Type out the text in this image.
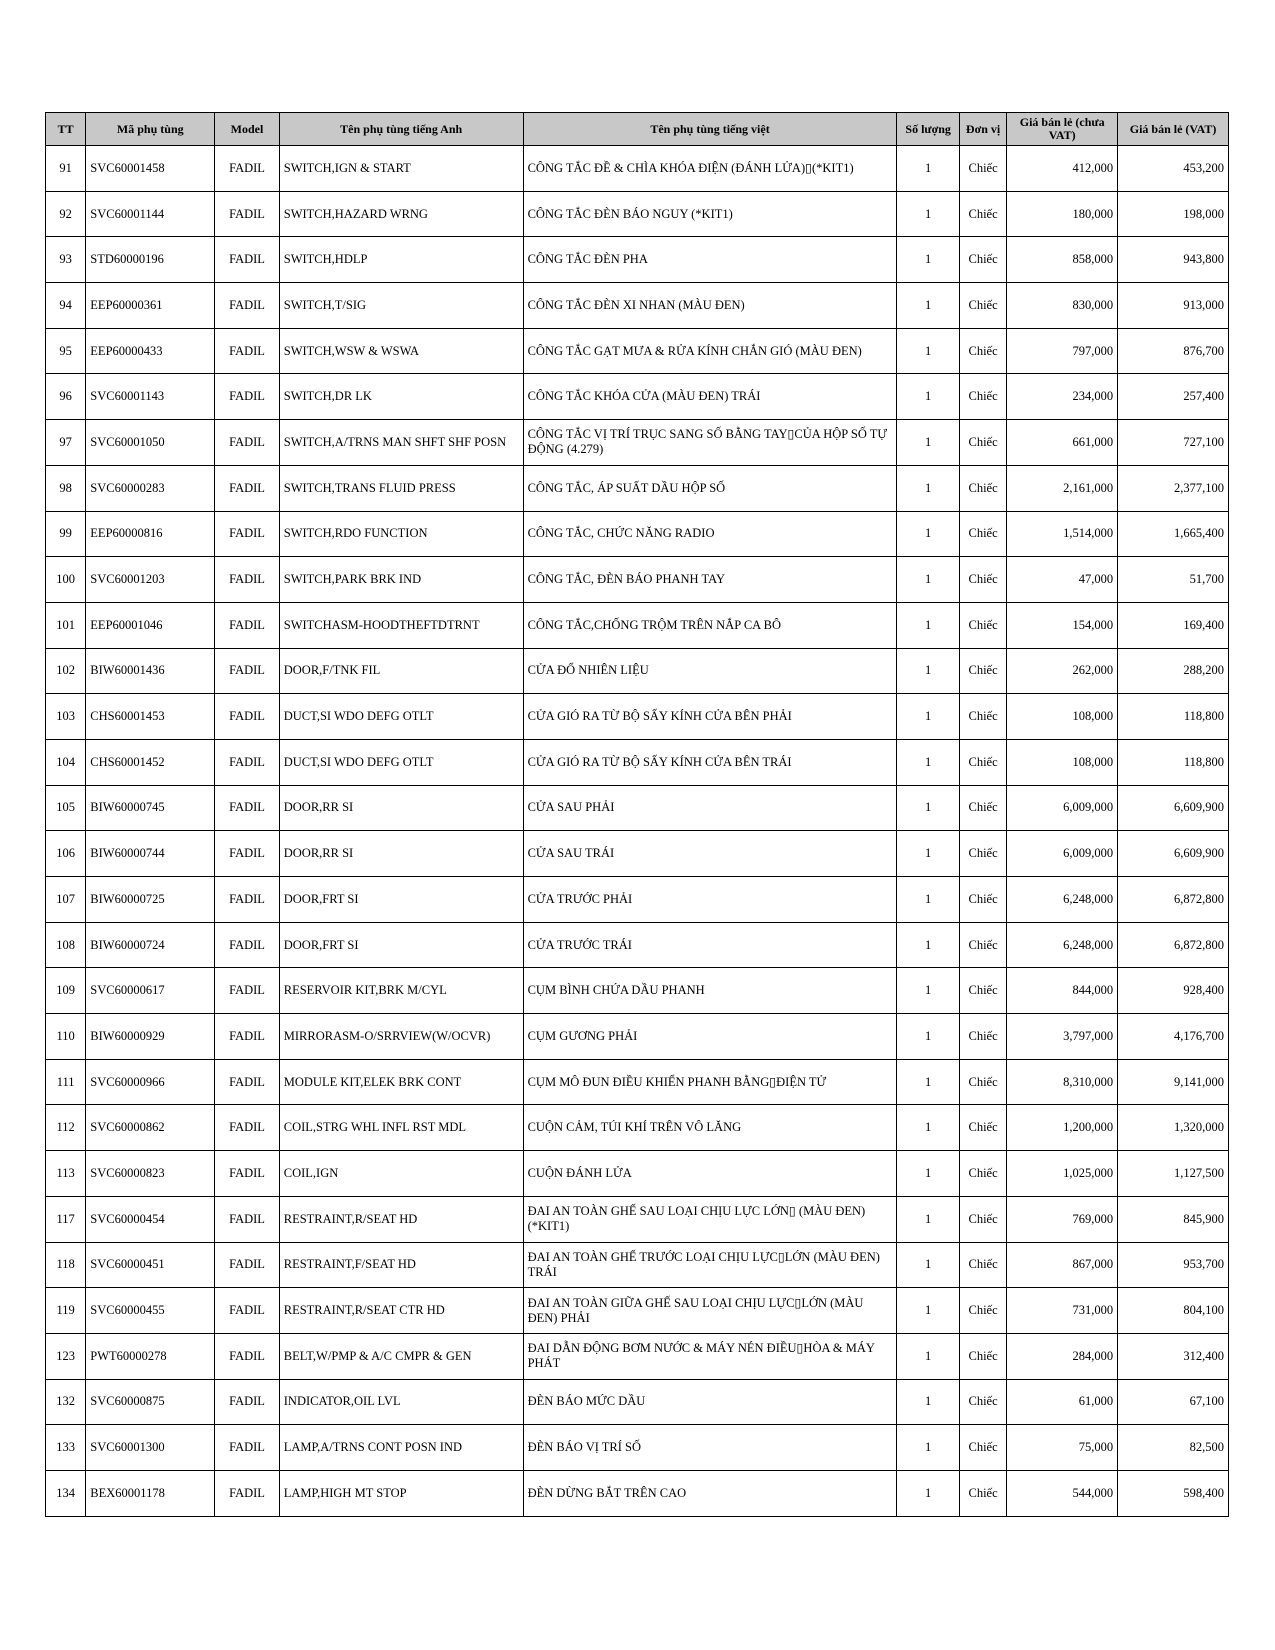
TT	Mã phụ tùng	Model	Tên phụ tùng tiếng Anh	Tên phụ tùng tiếng việt	Số lượng	Đơn vị	Giá bán lẻ (chưa VAT)	Giá bán lẻ (VAT)
91	SVC60001458	FADIL	SWITCH,IGN & START	CÔNG TẮC ĐỀ & CHÌA KHÓA ĐIỆN (ĐÁNH LỬA)▯(*KIT1)	1	Chiếc	412,000	453,200
92	SVC60001144	FADIL	SWITCH,HAZARD WRNG	CÔNG TẮC ĐÈN BÁO NGUY (*KIT1)	1	Chiếc	180,000	198,000
93	STD60000196	FADIL	SWITCH,HDLP	CÔNG TẮC ĐÈN PHA	1	Chiếc	858,000	943,800
94	EEP60000361	FADIL	SWITCH,T/SIG	CÔNG TẮC ĐÈN XI NHAN (MÀU ĐEN)	1	Chiếc	830,000	913,000
95	EEP60000433	FADIL	SWITCH,WSW & WSWA	CÔNG TẮC GẠT MƯA & RỬA KÍNH CHẮN GIÓ (MÀU ĐEN)	1	Chiếc	797,000	876,700
96	SVC60001143	FADIL	SWITCH,DR LK	CÔNG TẮC KHÓA CỬA (MÀU ĐEN) TRÁI	1	Chiếc	234,000	257,400
97	SVC60001050	FADIL	SWITCH,A/TRNS MAN SHFT SHF POSN	CÔNG TẮC VỊ TRÍ TRỤC SANG SỐ BẰNG TAY▯CỦA HỘP SỐ TỰ ĐỘNG (4.279)	1	Chiếc	661,000	727,100
98	SVC60000283	FADIL	SWITCH,TRANS FLUID PRESS	CÔNG TẮC, ÁP SUẤT DẦU HỘP SỐ	1	Chiếc	2,161,000	2,377,100
99	EEP60000816	FADIL	SWITCH,RDO FUNCTION	CÔNG TẮC, CHỨC NĂNG RADIO	1	Chiếc	1,514,000	1,665,400
100	SVC60001203	FADIL	SWITCH,PARK BRK IND	CÔNG TẮC, ĐÈN BÁO PHANH TAY	1	Chiếc	47,000	51,700
101	EEP60001046	FADIL	SWITCHASM-HOODTHEFTDTRNT	CÔNG TẮC,CHỐNG TRỘM TRÊN NẮP CA BÔ	1	Chiếc	154,000	169,400
102	BIW60001436	FADIL	DOOR,F/TNK FIL	CỬA ĐỔ NHIÊN LIỆU	1	Chiếc	262,000	288,200
103	CHS60001453	FADIL	DUCT,SI WDO DEFG OTLT	CỬA GIÓ RA TỪ BỘ SẤY KÍNH CỬA BÊN PHẢI	1	Chiếc	108,000	118,800
104	CHS60001452	FADIL	DUCT,SI WDO DEFG OTLT	CỬA GIÓ RA TỪ BỘ SẤY KÍNH CỬA BÊN TRÁI	1	Chiếc	108,000	118,800
105	BIW60000745	FADIL	DOOR,RR SI	CỬA SAU PHẢI	1	Chiếc	6,009,000	6,609,900
106	BIW60000744	FADIL	DOOR,RR SI	CỬA SAU TRÁI	1	Chiếc	6,009,000	6,609,900
107	BIW60000725	FADIL	DOOR,FRT SI	CỬA TRƯỚC PHẢI	1	Chiếc	6,248,000	6,872,800
108	BIW60000724	FADIL	DOOR,FRT SI	CỬA TRƯỚC TRÁI	1	Chiếc	6,248,000	6,872,800
109	SVC60000617	FADIL	RESERVOIR KIT,BRK M/CYL	CỤM BÌNH CHỨA DẦU PHANH	1	Chiếc	844,000	928,400
110	BIW60000929	FADIL	MIRRORASM-O/SRRVIEW(W/OCVR)	CỤM GƯƠNG PHẢI	1	Chiếc	3,797,000	4,176,700
111	SVC60000966	FADIL	MODULE KIT,ELEK BRK CONT	CỤM MÔ ĐUN ĐIỀU KHIỂN PHANH BẰNG▯ĐIỆN TỬ	1	Chiếc	8,310,000	9,141,000
112	SVC60000862	FADIL	COIL,STRG WHL INFL RST MDL	CUỘN CẢM, TÚI KHÍ TRÊN VÔ LĂNG	1	Chiếc	1,200,000	1,320,000
113	SVC60000823	FADIL	COIL,IGN	CUỘN ĐÁNH LỬA	1	Chiếc	1,025,000	1,127,500
117	SVC60000454	FADIL	RESTRAINT,R/SEAT HD	ĐAI AN TOÀN GHẾ SAU LOẠI CHỊU LỰC LỚN▯ (MÀU ĐEN) (*KIT1)	1	Chiếc	769,000	845,900
118	SVC60000451	FADIL	RESTRAINT,F/SEAT HD	ĐAI AN TOÀN GHẾ TRƯỚC LOẠI CHỊU LỰC▯LỚN (MÀU ĐEN) TRÁI	1	Chiếc	867,000	953,700
119	SVC60000455	FADIL	RESTRAINT,R/SEAT CTR HD	ĐAI AN TOÀN GIỮA GHẾ SAU LOẠI CHỊU LỰC▯LỚN (MÀU ĐEN) PHẢI	1	Chiếc	731,000	804,100
123	PWT60000278	FADIL	BELT,W/PMP & A/C CMPR & GEN	ĐAI DẪN ĐỘNG BƠM NƯỚC & MÁY NÉN ĐIỀU▯HÒA & MÁY PHÁT	1	Chiếc	284,000	312,400
132	SVC60000875	FADIL	INDICATOR,OIL LVL	ĐÈN BÁO MỨC DẦU	1	Chiếc	61,000	67,100
133	SVC60001300	FADIL	LAMP,A/TRNS CONT POSN IND	ĐÈN BÁO VỊ TRÍ SỐ	1	Chiếc	75,000	82,500
134	BEX60001178	FADIL	LAMP,HIGH MT STOP	ĐÈN DỪNG BẮT TRÊN CAO	1	Chiếc	544,000	598,400
